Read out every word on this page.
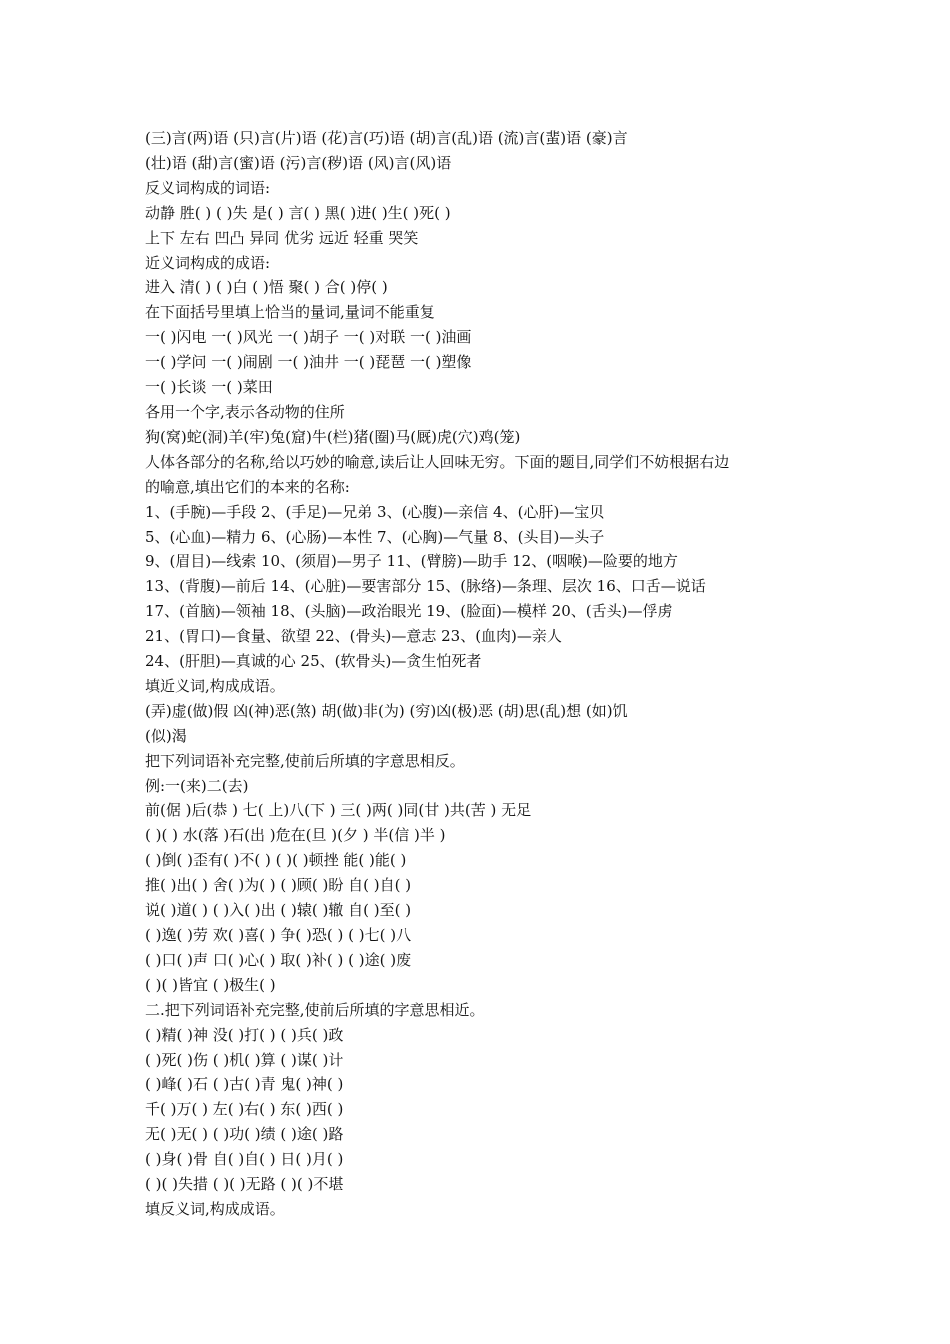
(三)言(两)语 (只)言(片)语 (花)言(巧)语 (胡)言(乱)语 (流)言(蜚)语 (豪)言
(壮)语 (甜)言(蜜)语 (污)言(秽)语 (风)言(风)语
反义词构成的词语:
动静 胜( ) ( )失 是( ) 言( ) 黑( )进( )生( )死( )
上下 左右 凹凸 异同 优劣 远近 轻重 哭笑
近义词构成的成语:
进入 清( ) ( )白 ( )悟 聚( ) 合( )停( )
在下面括号里填上恰当的量词,量词不能重复
一( )闪电 一( )风光 一( )胡子 一( )对联 一( )油画
一( )学问 一( )闹剧 一( )油井 一( )琵琶 一( )塑像
一( )长谈 一( )菜田
各用一个字,表示各动物的住所
狗(窝)蛇(洞)羊(牢)兔(窟)牛(栏)猪(圈)马(厩)虎(穴)鸡(笼)
人体各部分的名称,给以巧妙的喻意,读后让人回味无穷。下面的题目,同学们不妨根据右边
的喻意,填出它们的本来的名称:
1、(手腕)—手段 2、(手足)—兄弟 3、(心腹)—亲信 4、(心肝)—宝贝
5、(心血)—精力 6、(心肠)—本性 7、(心胸)—气量 8、(头目)—头子
9、(眉目)—线索 10、(须眉)—男子 11、(臂膀)—助手 12、(咽喉)—险要的地方
13、(背腹)—前后 14、(心脏)—要害部分 15、(脉络)—条理、层次 16、口舌—说话
17、(首脑)—领袖 18、(头脑)—政治眼光 19、(脸面)—模样 20、(舌头)—俘虏
21、(胃口)—食量、欲望 22、(骨头)—意志 23、(血肉)—亲人
24、(肝胆)—真诚的心 25、(软骨头)—贪生怕死者
填近义词,构成成语。
(弄)虚(做)假 凶(神)恶(煞) 胡(做)非(为) (穷)凶(极)恶 (胡)思(乱)想 (如)饥
(似)渴
把下列词语补充完整,使前后所填的字意思相反。
例:一(来)二(去)
前(倨 )后(恭 ) 七( 上)八(下 ) 三( )两( )同(甘 )共(苦 ) 无足
( )( ) 水(落 )石(出 )危在(旦 )(夕 ) 半(信 )半 )
( )倒( )歪有( )不( ) ( )( )顿挫 能( )能( )
推( )出( ) 舍( )为( ) ( )顾( )盼 自( )自( )
说( )道( ) ( )入( )出 ( )辕( )辙 自( )至( )
( )逸( )劳 欢( )喜( ) 争( )恐( ) ( )七( )八
( )口( )声 口( )心( ) 取( )补( ) ( )途( )废
( )( )皆宜 ( )极生( )
二.把下列词语补充完整,使前后所填的字意思相近。
( )精( )神 没( )打( ) ( )兵( )政
( )死( )伤 ( )机( )算 ( )谋( )计
( )峰( )石 ( )古( )青 鬼( )神( )
千( )万( ) 左( )右( ) 东( )西( )
无( )无( ) ( )功( )绩 ( )途( )路
( )身( )骨 自( )自( ) 日( )月( )
( )( )失措 ( )( )无路 ( )( )不堪
填反义词,构成成语。
